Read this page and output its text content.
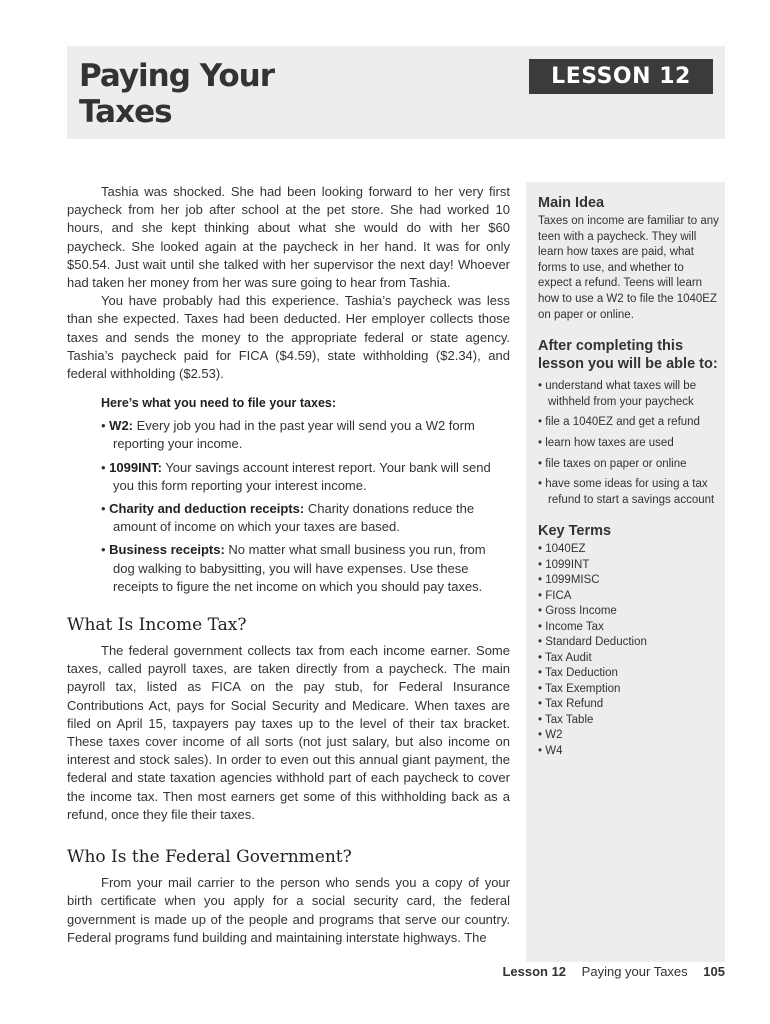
Paying Your
Taxes
LESSON 12

Tashia was shocked. She had been looking forward to her very first paycheck from her job after school at the pet store. She had worked 10 hours, and she kept thinking about what she would do with her $60 paycheck. She looked again at the paycheck in her hand. It was for only $50.54. Just wait until she talked with her supervisor the next day! Whoever had taken her money from her was sure going to hear from Tashia.

You have probably had this experience. Tashia’s paycheck was less than she expected. Taxes had been deducted. Her employer collects those taxes and sends the money to the appropriate federal or state agency. Tashia’s paycheck paid for FICA ($4.59), state withholding ($2.34), and federal withholding ($2.53).

Here’s what you need to file your taxes:
• W2: Every job you had in the past year will send you a W2 form reporting your income.
• 1099INT: Your savings account interest report. Your bank will send you this form reporting your interest income.
• Charity and deduction receipts: Charity donations reduce the amount of income on which your taxes are based.
• Business receipts: No matter what small business you run, from dog walking to babysitting, you will have expenses. Use these receipts to figure the net income on which you should pay taxes.
What Is Income Tax?

The federal government collects tax from each income earner. Some taxes, called payroll taxes, are taken directly from a paycheck. The main payroll tax, listed as FICA on the pay stub, for Federal Insurance Contributions Act, pays for Social Security and Medicare. When taxes are filed on April 15, taxpayers pay taxes up to the level of their tax bracket. These taxes cover income of all sorts (not just salary, but also income on interest and stock sales). In order to even out this annual giant payment, the federal and state taxation agencies withhold part of each paycheck to cover the income tax. Then most earners get some of this withholding back as a refund, once they file their taxes.

Who Is the Federal Government?

From your mail carrier to the person who sends you a copy of your birth certificate when you apply for a social security card, the federal government is made up of the people and programs that serve our country. Federal programs fund building and maintaining interstate highways. The

Main Idea
Taxes on income are familiar to any teen with a paycheck. They will learn how taxes are paid, what forms to use, and whether to expect a refund. Teens will learn how to use a W2 to file the 1040EZ on paper or online.
After completing this lesson you will be able to:
• understand what taxes will be withheld from your paycheck
• file a 1040EZ and get a refund
• learn how taxes are used
• file taxes on paper or online
• have some ideas for using a tax refund to start a savings account
Key Terms
• 1040EZ
• 1099INT
• 1099MISC
• FICA
• Gross Income
• Income Tax
• Standard Deduction
• Tax Audit
• Tax Deduction
• Tax Exemption
• Tax Refund
• Tax Table
• W2
• W4
Lesson 12 Paying your Taxes 105
